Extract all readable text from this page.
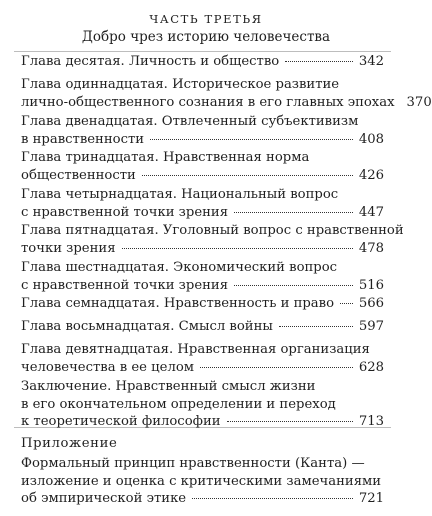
ЧАСТЬ ТРЕТЬЯ
Добро чрез историю человечества
Глава десятая. Личность и общество	342
Глава одиннадцатая. Историческое развитие
лично-общественного сознания в его главных эпохах 370
Глава двенадцатая. Отвлеченный субъективизм
в нравственности	408
Глава тринадцатая. Нравственная норма
общественности	426
Глава четырнадцатая. Национальный вопрос
с нравственной точки зрения	447
Глава пятнадцатая. Уголовный вопрос с нравственной
точки зрения	478
Глава шестнадцатая. Экономический вопрос
с нравственной точки зрения	516
Глава семнадцатая. Нравственность и право 566
Глава восьмнадцатая. Смысл войны	597
Глава девятнадцатая. Нравственная организация
человечества в ее целом	628
Заключение. Нравственный смысл жизни
в его окончательном определении и переход
к теоретической философии	713
Приложение
Формальный принцип нравственности (Канта) —
изложение и оценка с критическими замечаниями
об эмпирической этике	721
